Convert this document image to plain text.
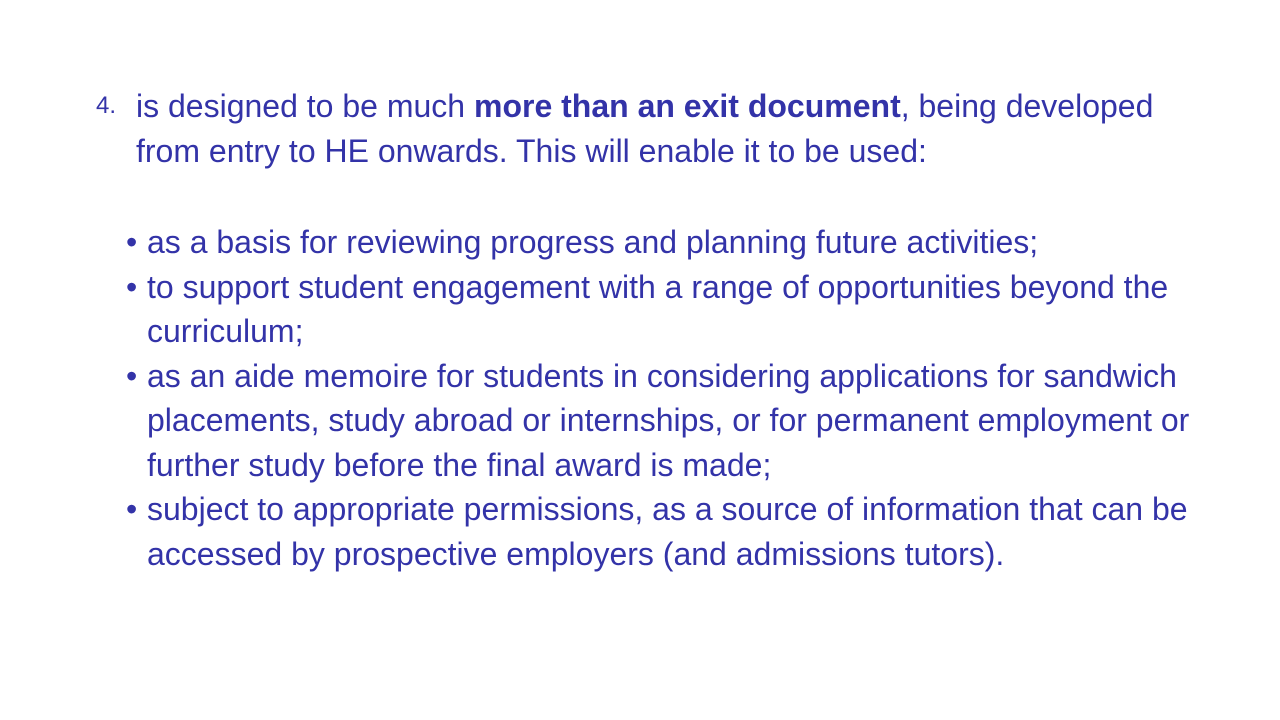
4. is designed to be much more than an exit document, being developed from entry to HE onwards. This will enable it to be used:
• as a basis for reviewing progress and planning future activities;
• to support student engagement with a range of opportunities beyond the curriculum;
• as an aide memoire for students in considering applications for sandwich placements, study abroad or internships, or for permanent employment or further study before the final award is made;
• subject to appropriate permissions, as a source of information that can be accessed by prospective employers (and admissions tutors).
